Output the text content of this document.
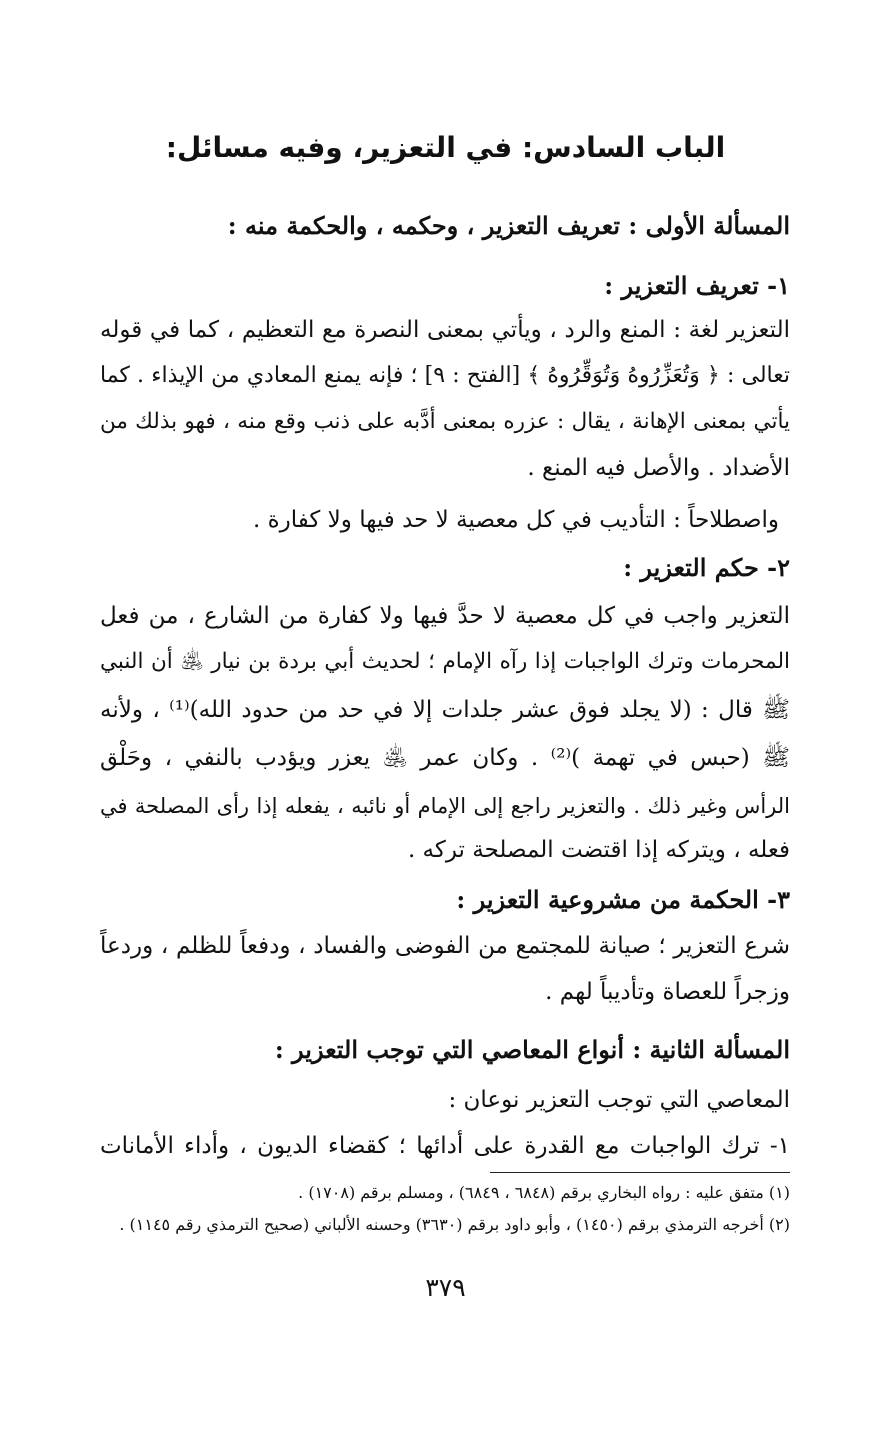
الباب السادس: في التعزير، وفيه مسائل:
المسألة الأولى : تعريف التعزير ، وحكمه ، والحكمة منه :
١- تعريف التعزير :

التعزير لغة : المنع والرد ، ويأتي بمعنى النصرة مع التعظيم ، كما في قوله

تعالى : ﴿ وَتُعَزِّرُوهُ وَتُوَقِّرُوهُ ﴾ [الفتح : ٩] ؛ فإنه يمنع المعادي من الإيذاء . كما

يأتي بمعنى الإهانة ، يقال : عزره بمعنى أدَّبه على ذنب وقع منه ، فهو بذلك من

الأضداد . والأصل فيه المنع .

واصطلاحاً : التأديب في كل معصية لا حد فيها ولا كفارة .

٢- حكم التعزير :

التعزير واجب في كل معصية لا حدَّ فيها ولا كفارة من الشارع ، من فعل

المحرمات وترك الواجبات إذا رآه الإمام ؛ لحديث أبي بردة بن نيار ﵁ أن النبي

ﷺ قال : (لا يجلد فوق عشر جلدات إلا في حد من حدود الله)⁽¹⁾ ، ولأنه

ﷺ (حبس في تهمة )⁽²⁾ . وكان عمر ﵁ يعزر ويؤدب بالنفي ، وحَلْق

الرأس وغير ذلك . والتعزير راجع إلى الإمام أو نائبه ، يفعله إذا رأى المصلحة في

فعله ، ويتركه إذا اقتضت المصلحة تركه .

٣- الحكمة من مشروعية التعزير :

شرع التعزير ؛ صيانة للمجتمع من الفوضى والفساد ، ودفعاً للظلم ، وردعاً

وزجراً للعصاة وتأديباً لهم .

المسألة الثانية : أنواع المعاصي التي توجب التعزير :

المعاصي التي توجب التعزير نوعان :

١- ترك الواجبات مع القدرة على أدائها ؛ كقضاء الديون ، وأداء الأمانات

(١) متفق عليه : رواه البخاري برقم (٦٨٤٨ ، ٦٨٤٩) ، ومسلم برقم (١٧٠٨) .

(٢) أخرجه الترمذي برقم (١٤٥٠) ، وأبو داود برقم (٣٦٣٠) وحسنه الألباني (صحيح الترمذي رقم ١١٤٥) .

٣٧٩
